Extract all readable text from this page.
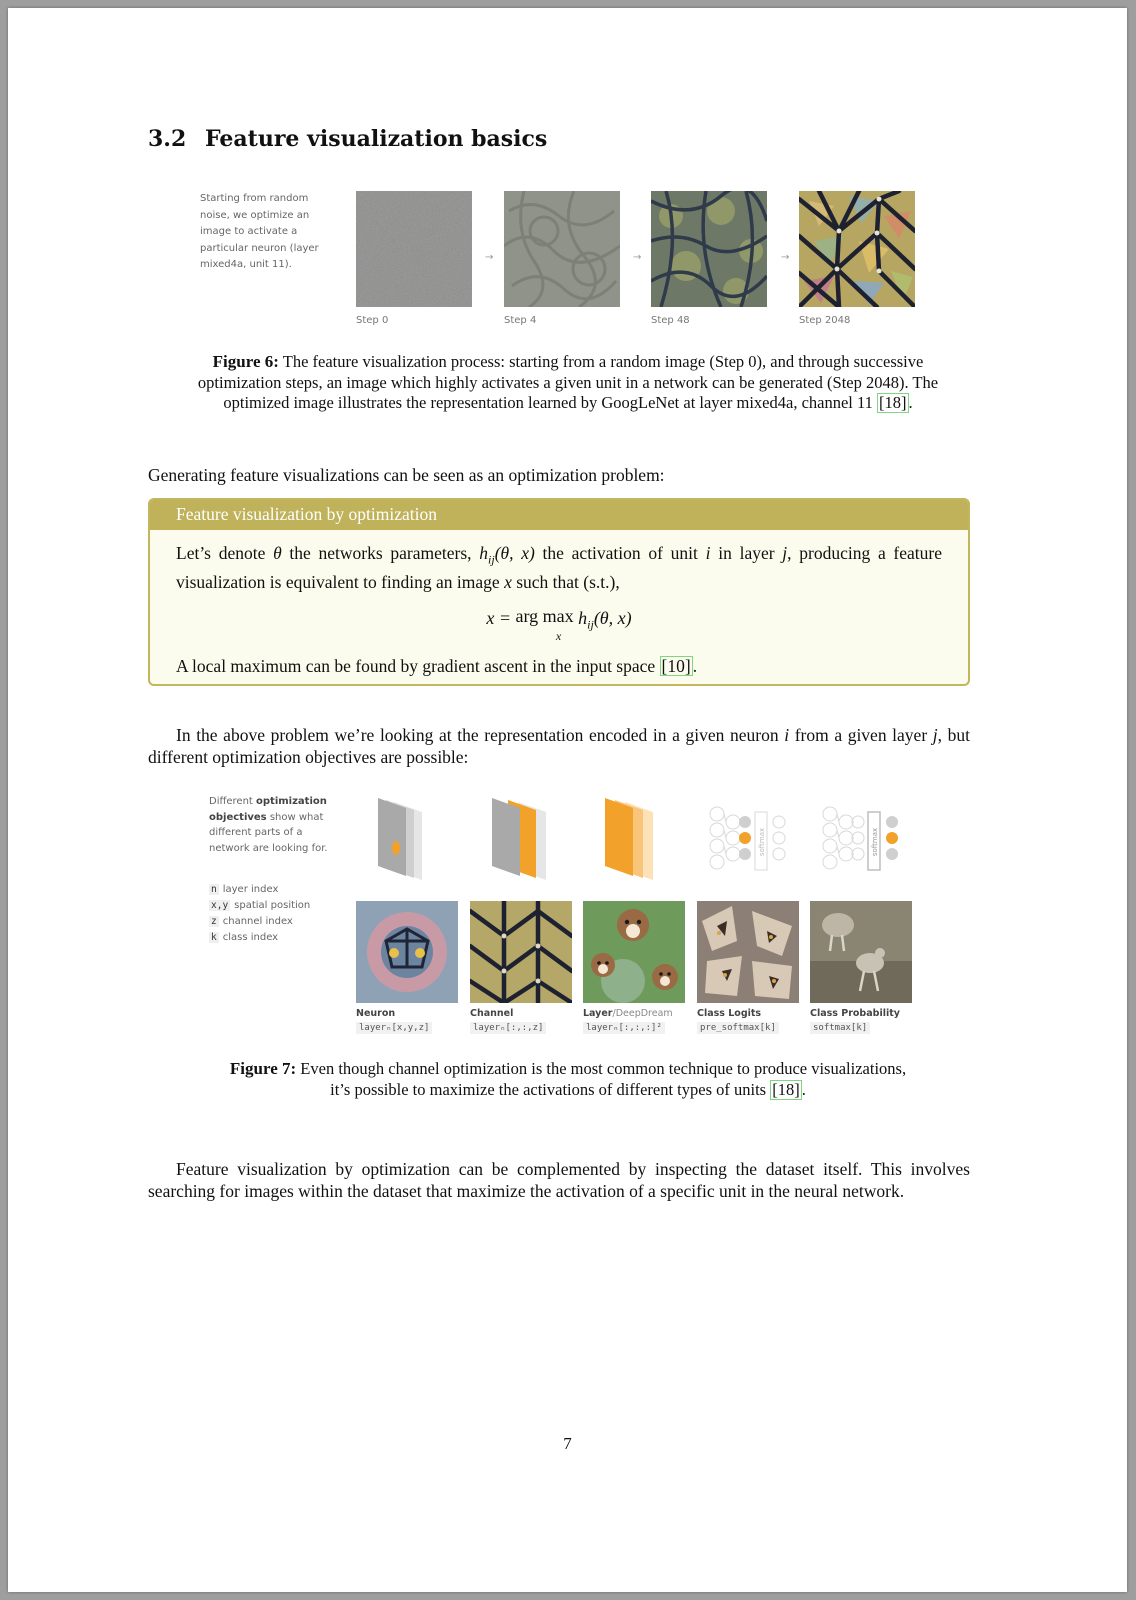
3.2 Feature visualization basics
Starting from random noise, we optimize an image to activate a particular neuron (layer mixed4a, unit 11).
→	→	→
Step 0	Step 4	Step 48	Step 2048
Figure 6: The feature visualization process: starting from a random image (Step 0), and through successive optimization steps, an image which highly activates a given unit in a network can be generated (Step 2048). The optimized image illustrates the representation learned by GoogLeNet at layer mixed4a, channel 11 [18] .
Generating feature visualizations can be seen as an optimization problem:
Feature visualization by optimization
Let’s denote θ the networks parameters, $h_{ij}(\theta$, x) the activation of unit i in layer j, producing a feature visualization is equivalent to finding an image x such that (s.t.),
x = arg max
x $h_{ij}(\theta$, x)
A local maximum can be found by gradient ascent in the input space [10] .
In the above problem we’re looking at the representation encoded in a given neuron i from a given layer j, but different optimization objectives are possible:
Different optimization objectives show what different parts of a network are looking for.
n layer index
x,y spatial position
z channel index
k class index
softmax	softmax
Neuron	Channel	Layer/DeepDream	Class Logits	Class Probability
layerₙ[x,y,z]	layerₙ[:,:,z]	layerₙ[:,:,:]²	pre_softmax[k]	softmax[k]
Figure 7: Even though channel optimization is the most common technique to produce visualizations, it’s possible to maximize the activations of different types of units [18] .
Feature visualization by optimization can be complemented by inspecting the dataset itself. This involves searching for images within the dataset that maximize the activation of a specific unit in the neural network.
7
